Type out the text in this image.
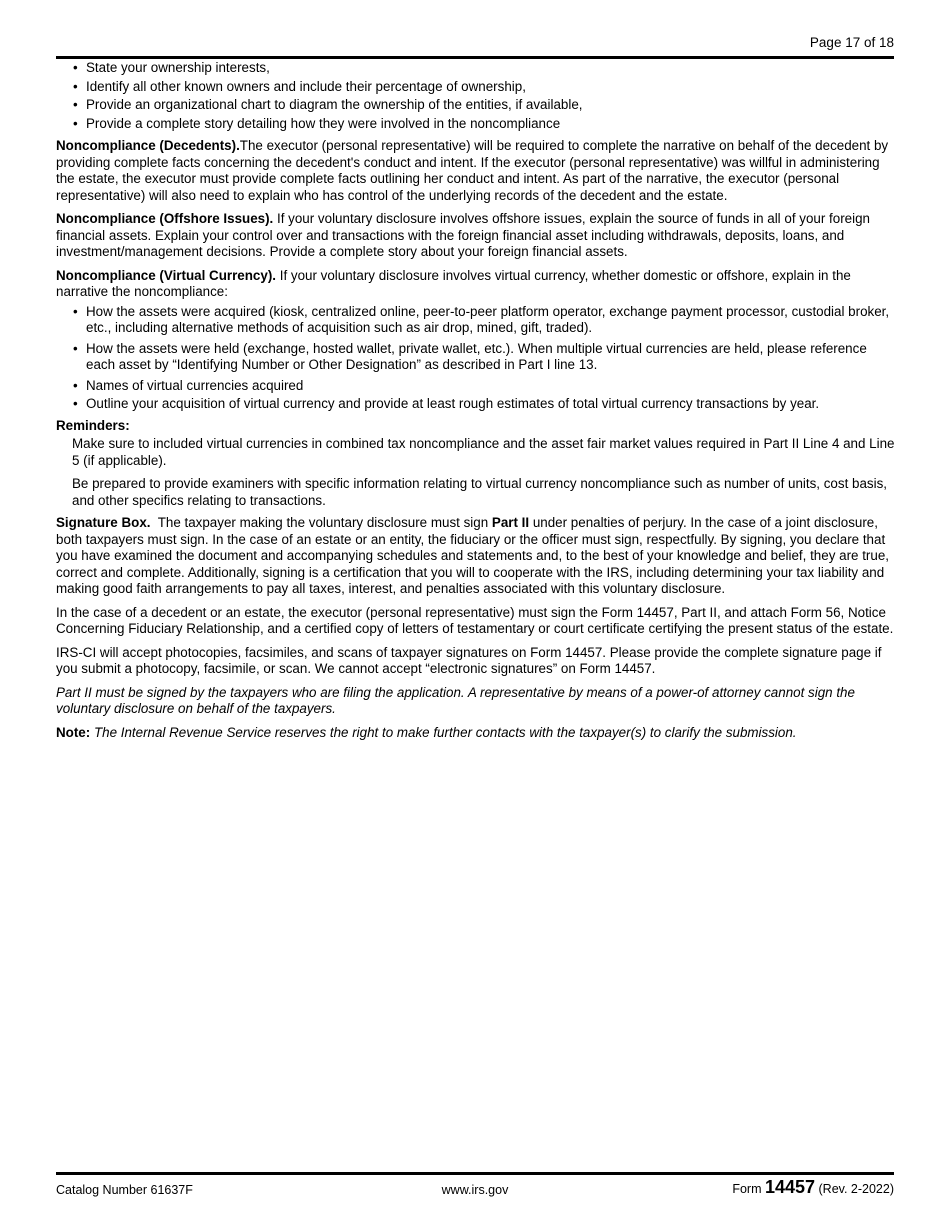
Page 17 of 18
• State your ownership interests,
• Identify all other known owners and include their percentage of ownership,
• Provide an organizational chart to diagram the ownership of the entities, if available,
• Provide a complete story detailing how they were involved in the noncompliance

Noncompliance (Decedents).The executor (personal representative) will be required to complete the narrative on behalf of the decedent by providing complete facts concerning the decedent's conduct and intent. If the executor (personal representative) was willful in administering the estate, the executor must provide complete facts outlining her conduct and intent. As part of the narrative, the executor (personal representative) will also need to explain who has control of the underlying records of the decedent and the estate.

Noncompliance (Offshore Issues). If your voluntary disclosure involves offshore issues, explain the source of funds in all of your foreign financial assets. Explain your control over and transactions with the foreign financial asset including withdrawals, deposits, loans, and investment/management decisions. Provide a complete story about your foreign financial assets.

Noncompliance (Virtual Currency). If your voluntary disclosure involves virtual currency, whether domestic or offshore, explain in the narrative the noncompliance:

• How the assets were acquired (kiosk, centralized online, peer-to-peer platform operator, exchange payment processor, custodial broker, etc., including alternative methods of acquisition such as air drop, mined, gift, traded).
• How the assets were held (exchange, hosted wallet, private wallet, etc.). When multiple virtual currencies are held, please reference each asset by “Identifying Number or Other Designation” as described in Part I line 13.
• Names of virtual currencies acquired
• Outline your acquisition of virtual currency and provide at least rough estimates of total virtual currency transactions by year.

Reminders:

Make sure to included virtual currencies in combined tax noncompliance and the asset fair market values required in Part II Line 4 and Line 5 (if applicable).

Be prepared to provide examiners with specific information relating to virtual currency noncompliance such as number of units, cost basis, and other specifics relating to transactions.

Signature Box.  The taxpayer making the voluntary disclosure must sign Part II under penalties of perjury. In the case of a joint disclosure, both taxpayers must sign. In the case of an estate or an entity, the fiduciary or the officer must sign, respectfully. By signing, you declare that you have examined the document and accompanying schedules and statements and, to the best of your knowledge and belief, they are true, correct and complete. Additionally, signing is a certification that you will to cooperate with the IRS, including determining your tax liability and making good faith arrangements to pay all taxes, interest, and penalties associated with this voluntary disclosure.

In the case of a decedent or an estate, the executor (personal representative) must sign the Form 14457, Part II, and attach Form 56, Notice Concerning Fiduciary Relationship, and a certified copy of letters of testamentary or court certificate certifying the present status of the estate.

IRS-CI will accept photocopies, facsimiles, and scans of taxpayer signatures on Form 14457. Please provide the complete signature page if you submit a photocopy, facsimile, or scan. We cannot accept “electronic signatures” on Form 14457.

Part II must be signed by the taxpayers who are filing the application. A representative by means of a power-of attorney cannot sign the voluntary disclosure on behalf of the taxpayers.

Note: The Internal Revenue Service reserves the right to make further contacts with the taxpayer(s) to clarify the submission.

Catalog Number 61637F	www.irs.gov	Form 14457 (Rev. 2-2022)
